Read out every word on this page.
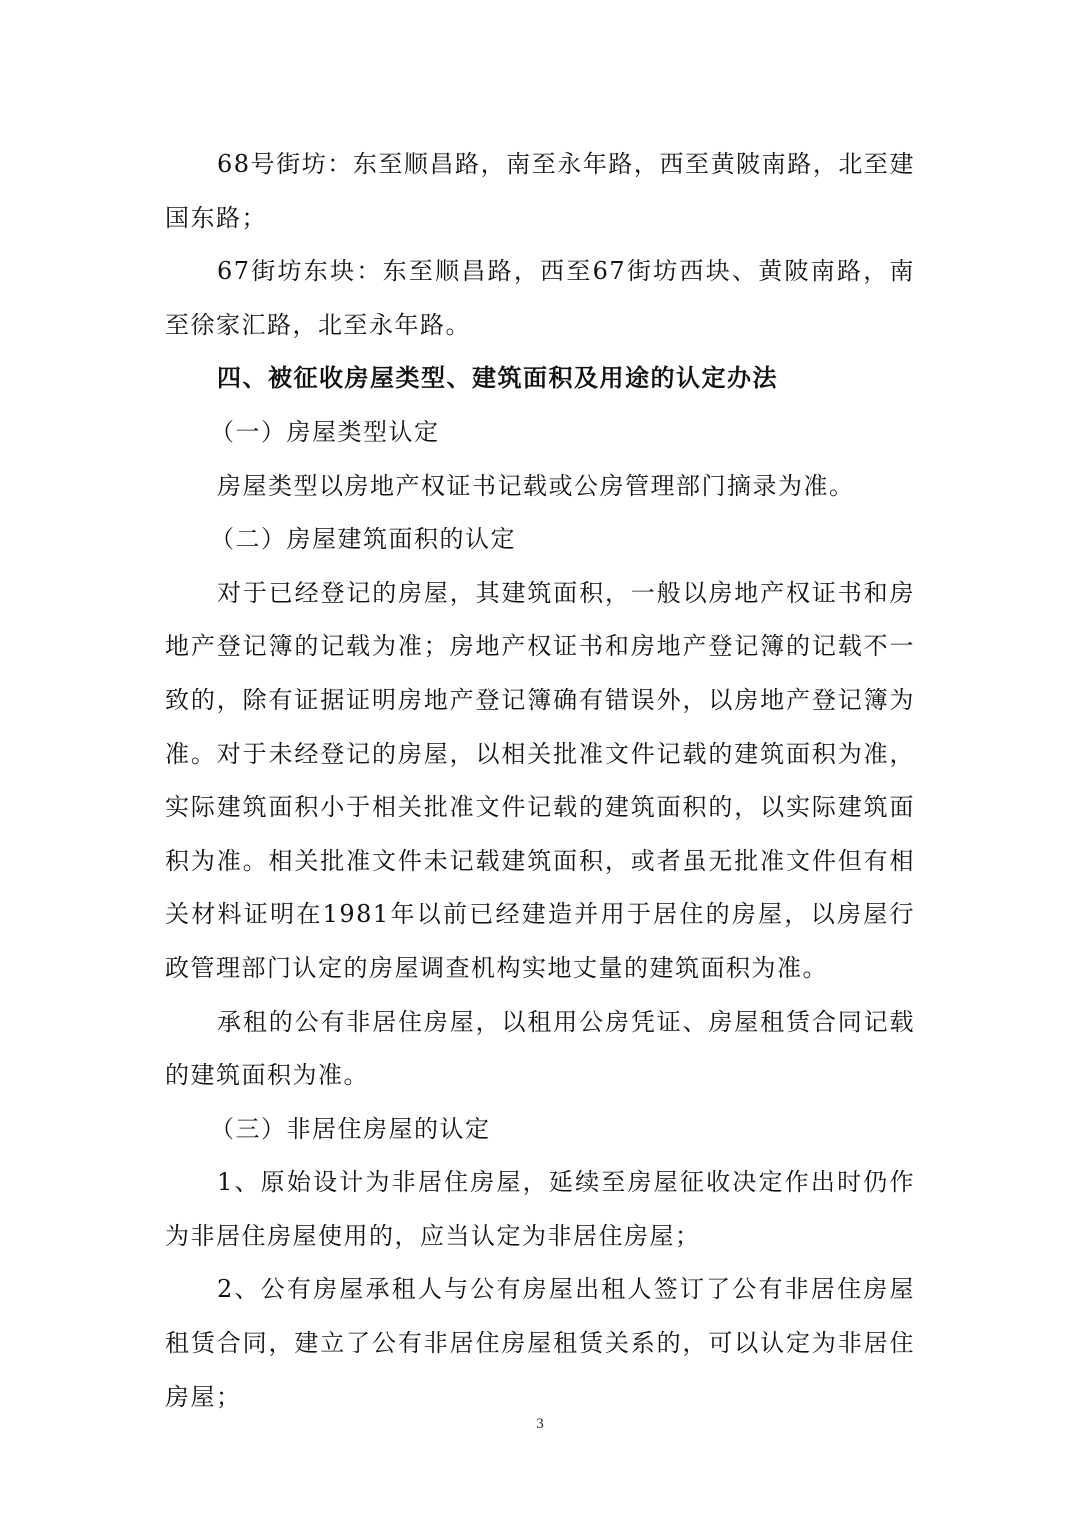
68号街坊：东至顺昌路，南至永年路，西至黄陂南路，北至建国东路；

67街坊东块：东至顺昌路，西至67街坊西块、黄陂南路，南至徐家汇路，北至永年路。

四、被征收房屋类型、建筑面积及用途的认定办法
（一）房屋类型认定

房屋类型以房地产权证书记载或公房管理部门摘录为准。

（二）房屋建筑面积的认定

对于已经登记的房屋，其建筑面积，一般以房地产权证书和房地产登记簿的记载为准；房地产权证书和房地产登记簿的记载不一致的，除有证据证明房地产登记簿确有错误外，以房地产登记簿为准。对于未经登记的房屋，以相关批准文件记载的建筑面积为准，实际建筑面积小于相关批准文件记载的建筑面积的，以实际建筑面积为准。相关批准文件未记载建筑面积，或者虽无批准文件但有相关材料证明在1981年以前已经建造并用于居住的房屋，以房屋行政管理部门认定的房屋调查机构实地丈量的建筑面积为准。

承租的公有非居住房屋，以租用公房凭证、房屋租赁合同记载的建筑面积为准。

（三）非居住房屋的认定

1、原始设计为非居住房屋，延续至房屋征收决定作出时仍作为非居住房屋使用的，应当认定为非居住房屋；

2、公有房屋承租人与公有房屋出租人签订了公有非居住房屋租赁合同，建立了公有非居住房屋租赁关系的，可以认定为非居住房屋；

3
